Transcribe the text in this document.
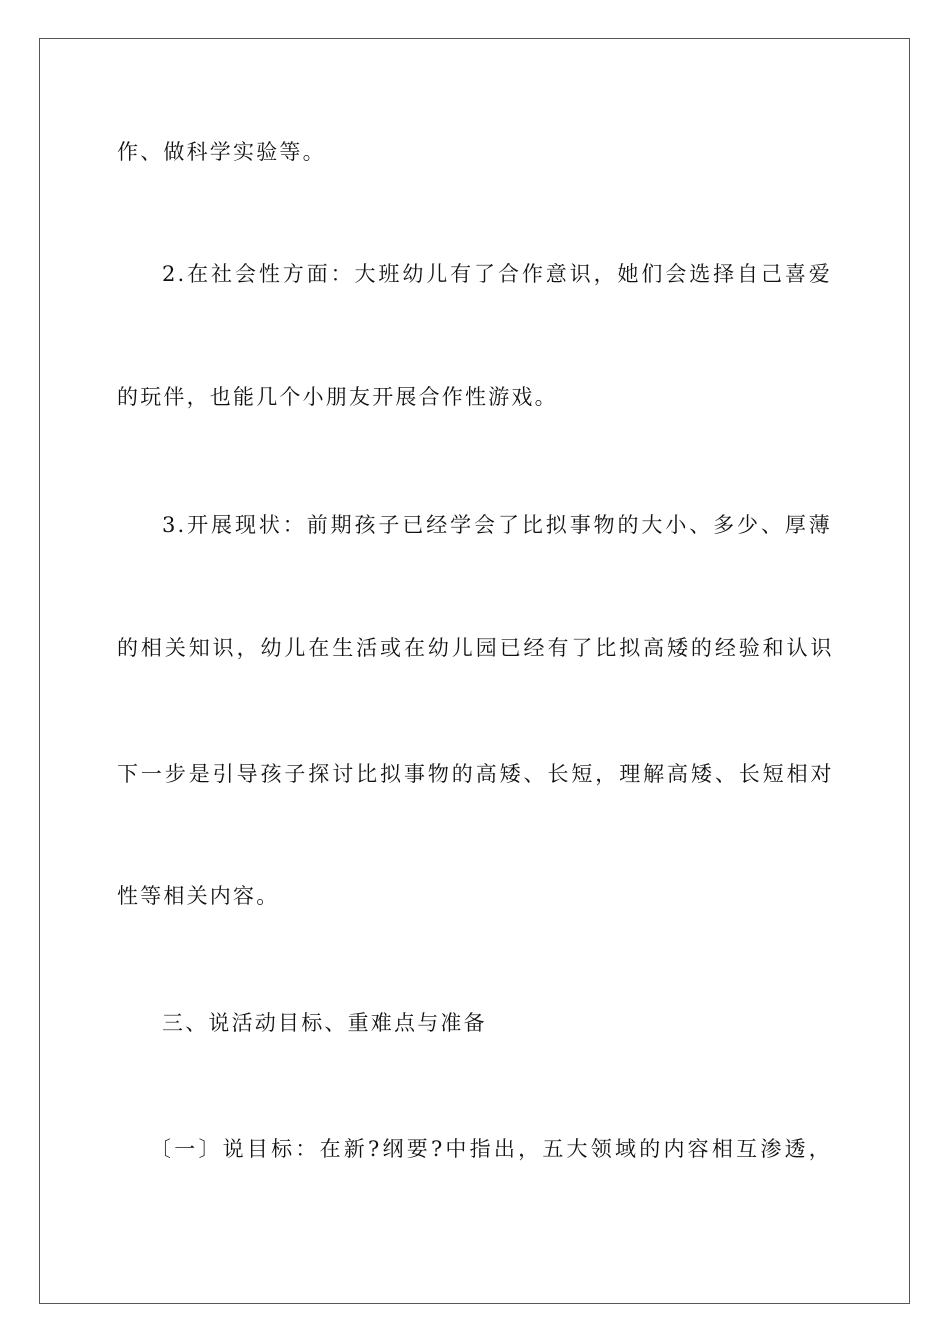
作、做科学实验等。
2.在社会性方面：大班幼儿有了合作意识，她们会选择自己喜爱
的玩伴，也能几个小朋友开展合作性游戏。
3.开展现状：前期孩子已经学会了比拟事物的大小、多少、厚薄
的相关知识，幼儿在生活或在幼儿园已经有了比拟高矮的经验和认识
下一步是引导孩子探讨比拟事物的高矮、长短，理解高矮、长短相对
性等相关内容。
三、说活动目标、重难点与准备
〔一〕说目标：在新?纲要?中指出，五大领域的内容相互渗透，
